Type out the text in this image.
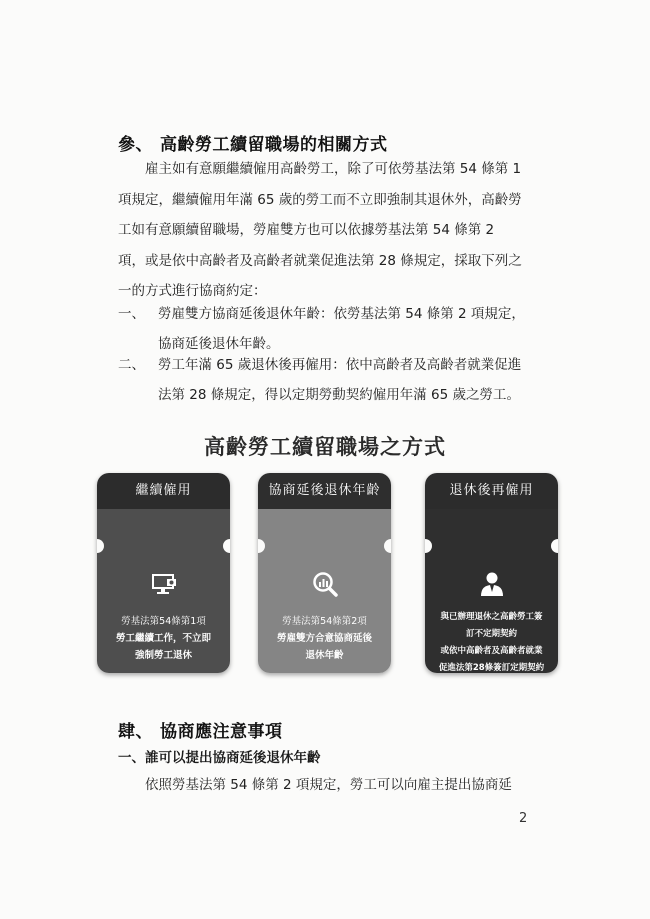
參、 高齡勞工續留職場的相關方式
　　雇主如有意願繼續僱用高齡勞工，除了可依勞基法第 54 條第 1
項規定，繼續僱用年滿 65 歲的勞工而不立即強制其退休外，高齡勞
工如有意願續留職場，勞雇雙方也可以依據勞基法第 54 條第 2
項，或是依中高齡者及高齡者就業促進法第 28 條規定，採取下列之
一的方式進行協商約定：
一、 勞雇雙方協商延後退休年齡：依勞基法第 54 條第 2 項規定，
協商延後退休年齡。
二、 勞工年滿 65 歲退休後再僱用：依中高齡者及高齡者就業促進
法第 28 條規定，得以定期勞動契約僱用年滿 65 歲之勞工。
高齡勞工續留職場之方式
繼續僱用
勞基法第54條第1項
勞工繼續工作，不立即
強制勞工退休
協商延後退休年齡
勞基法第54條第2項
勞雇雙方合意協商延後
退休年齡
退休後再僱用
與已辦理退休之高齡勞工簽
訂不定期契約
或依中高齡者及高齡者就業
促進法第28條簽訂定期契約
肆、 協商應注意事項
一、誰可以提出協商延後退休年齡
　　依照勞基法第 54 條第 2 項規定，勞工可以向雇主提出協商延
2
